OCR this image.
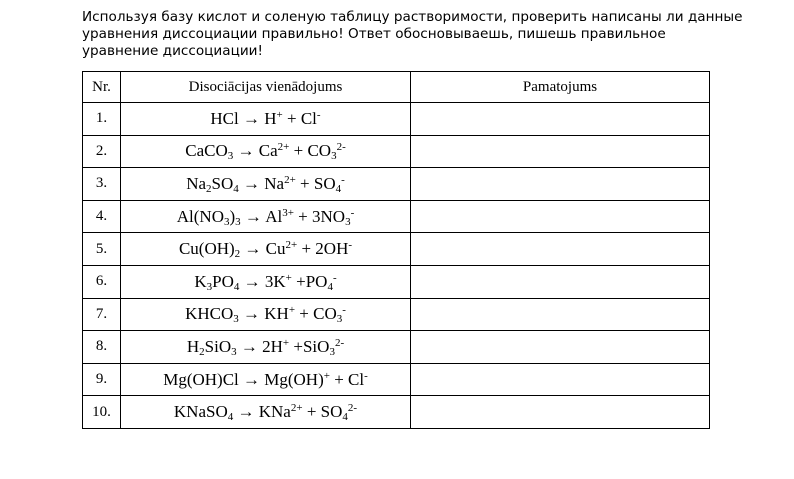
Используя базу кислот и соленую таблицу растворимости, проверить написаны ли данные
уравнения диссоциации правильно! Ответ обосновываешь, пишешь правильное
уравнение диссоциации!

Nr.	Disociācijas vienādojums	Pamatojums
1.	HCl → H+ + Cl-	
2.	CaCO$_3$ → $Ca^{2+} + CO_3^{2-}$	
3.	$Na_2SO_4 \to Na^{2+} + SO_4^-$	
4.	$Al(NO_3)_3 \to Al^{3+} + 3NO_3^-$	
5.	$Cu(OH)_2 \to Cu^{2+} + 2OH^-$	
6.	$K_3PO_4 \to 3K^+ +PO_4^-$	
7.	$KHCO_3 \to KH^+ + CO_3^-$	
8.	$H_2SiO_3 \to 2H^+ +SiO_3^{2-}$	
9.	Mg(OH)Cl → Mg(OH)+ + Cl-	
10.	KNaSO$_4$ → $KNa^{2+} + SO_4^{2-}$	
